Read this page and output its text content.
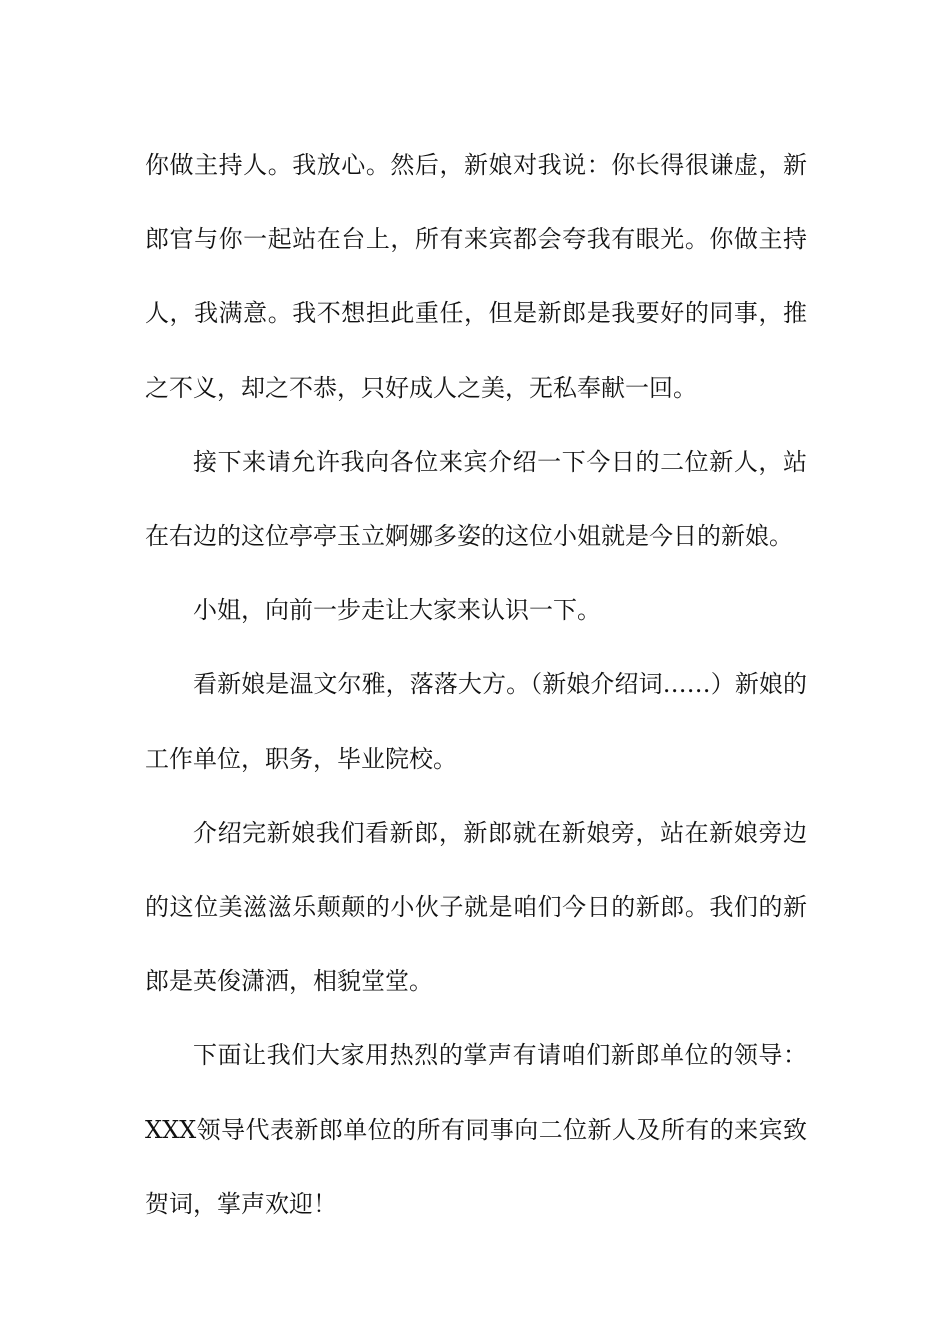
你做主持人。我放心。然后，新娘对我说：你长得很谦虚，新郎官与你一起站在台上，所有来宾都会夸我有眼光。你做主持人，我满意。我不想担此重任，但是新郎是我要好的同事，推之不义，却之不恭，只好成人之美，无私奉献一回。

接下来请允许我向各位来宾介绍一下今日的二位新人，站在右边的这位亭亭玉立婀娜多姿的这位小姐就是今日的新娘。

小姐，向前一步走让大家来认识一下。

看新娘是温文尔雅，落落大方。（新娘介绍词……）新娘的工作单位，职务，毕业院校。

介绍完新娘我们看新郎，新郎就在新娘旁，站在新娘旁边的这位美滋滋乐颠颠的小伙子就是咱们今日的新郎。我们的新郎是英俊潇洒，相貌堂堂。

下面让我们大家用热烈的掌声有请咱们新郎单位的领导：XXX领导代表新郎单位的所有同事向二位新人及所有的来宾致贺词，掌声欢迎！
